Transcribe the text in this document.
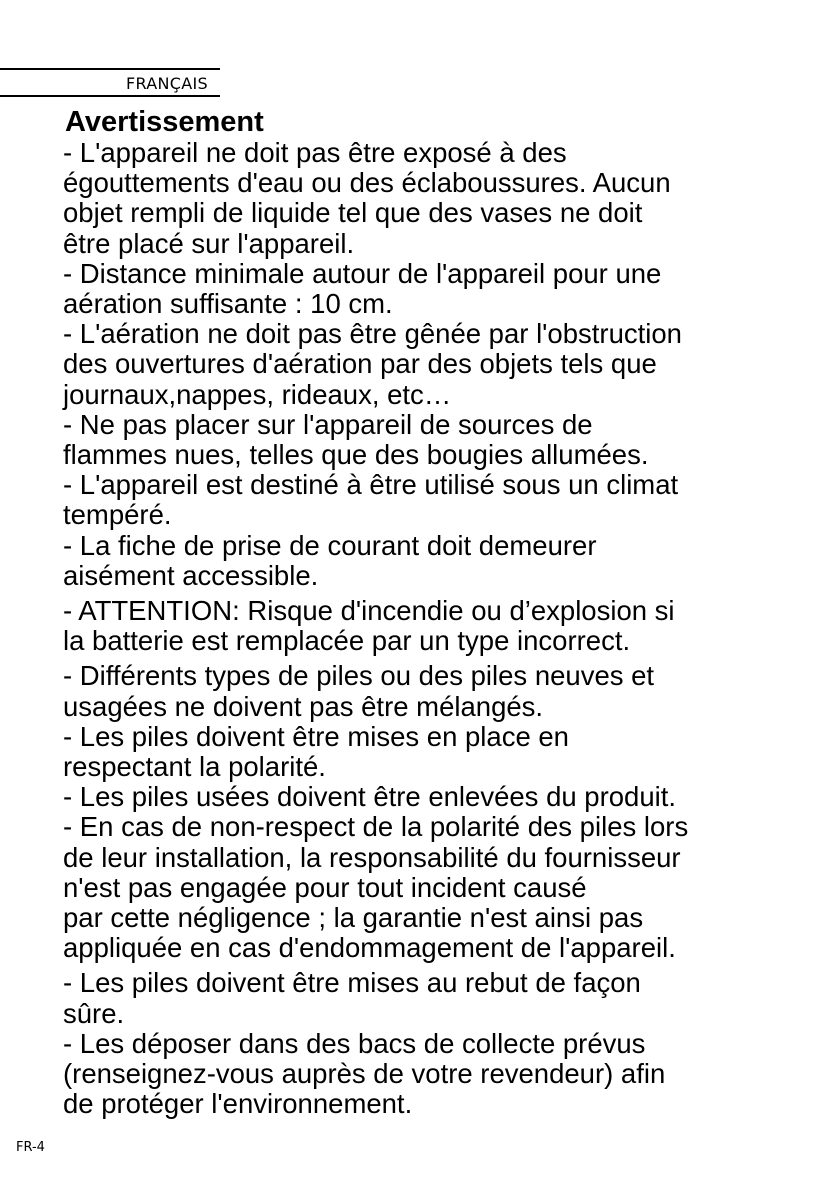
FRANÇAIS
Avertissement

- L'appareil ne doit pas être exposé à des
égouttements d'eau ou des éclaboussures. Aucun
objet rempli de liquide tel que des vases ne doit
être placé sur l'appareil.

- Distance minimale autour de l'appareil pour une
aération suffisante : 10 cm.

- L'aération ne doit pas être gênée par l'obstruction
des ouvertures d'aération par des objets tels que
journaux,nappes, rideaux, etc…

- Ne pas placer sur l'appareil de sources de
flammes nues, telles que des bougies allumées.

- L'appareil est destiné à être utilisé sous un climat
tempéré.

- La fiche de prise de courant doit demeurer
aisément accessible.

- ATTENTION: Risque d'incendie ou d’explosion si
la batterie est remplacée par un type incorrect.

- Différents types de piles ou des piles neuves et
usagées ne doivent pas être mélangés.

- Les piles doivent être mises en place en
respectant la polarité.

- Les piles usées doivent être enlevées du produit.

- En cas de non-respect de la polarité des piles lors
de leur installation, la responsabilité du fournisseur
n'est pas engagée pour tout incident causé
par cette négligence ; la garantie n'est ainsi pas
appliquée en cas d'endommagement de l'appareil.

- Les piles doivent être mises au rebut de façon
sûre.

- Les déposer dans des bacs de collecte prévus
(renseignez-vous auprès de votre revendeur) afin
de protéger l'environnement.

FR-4
